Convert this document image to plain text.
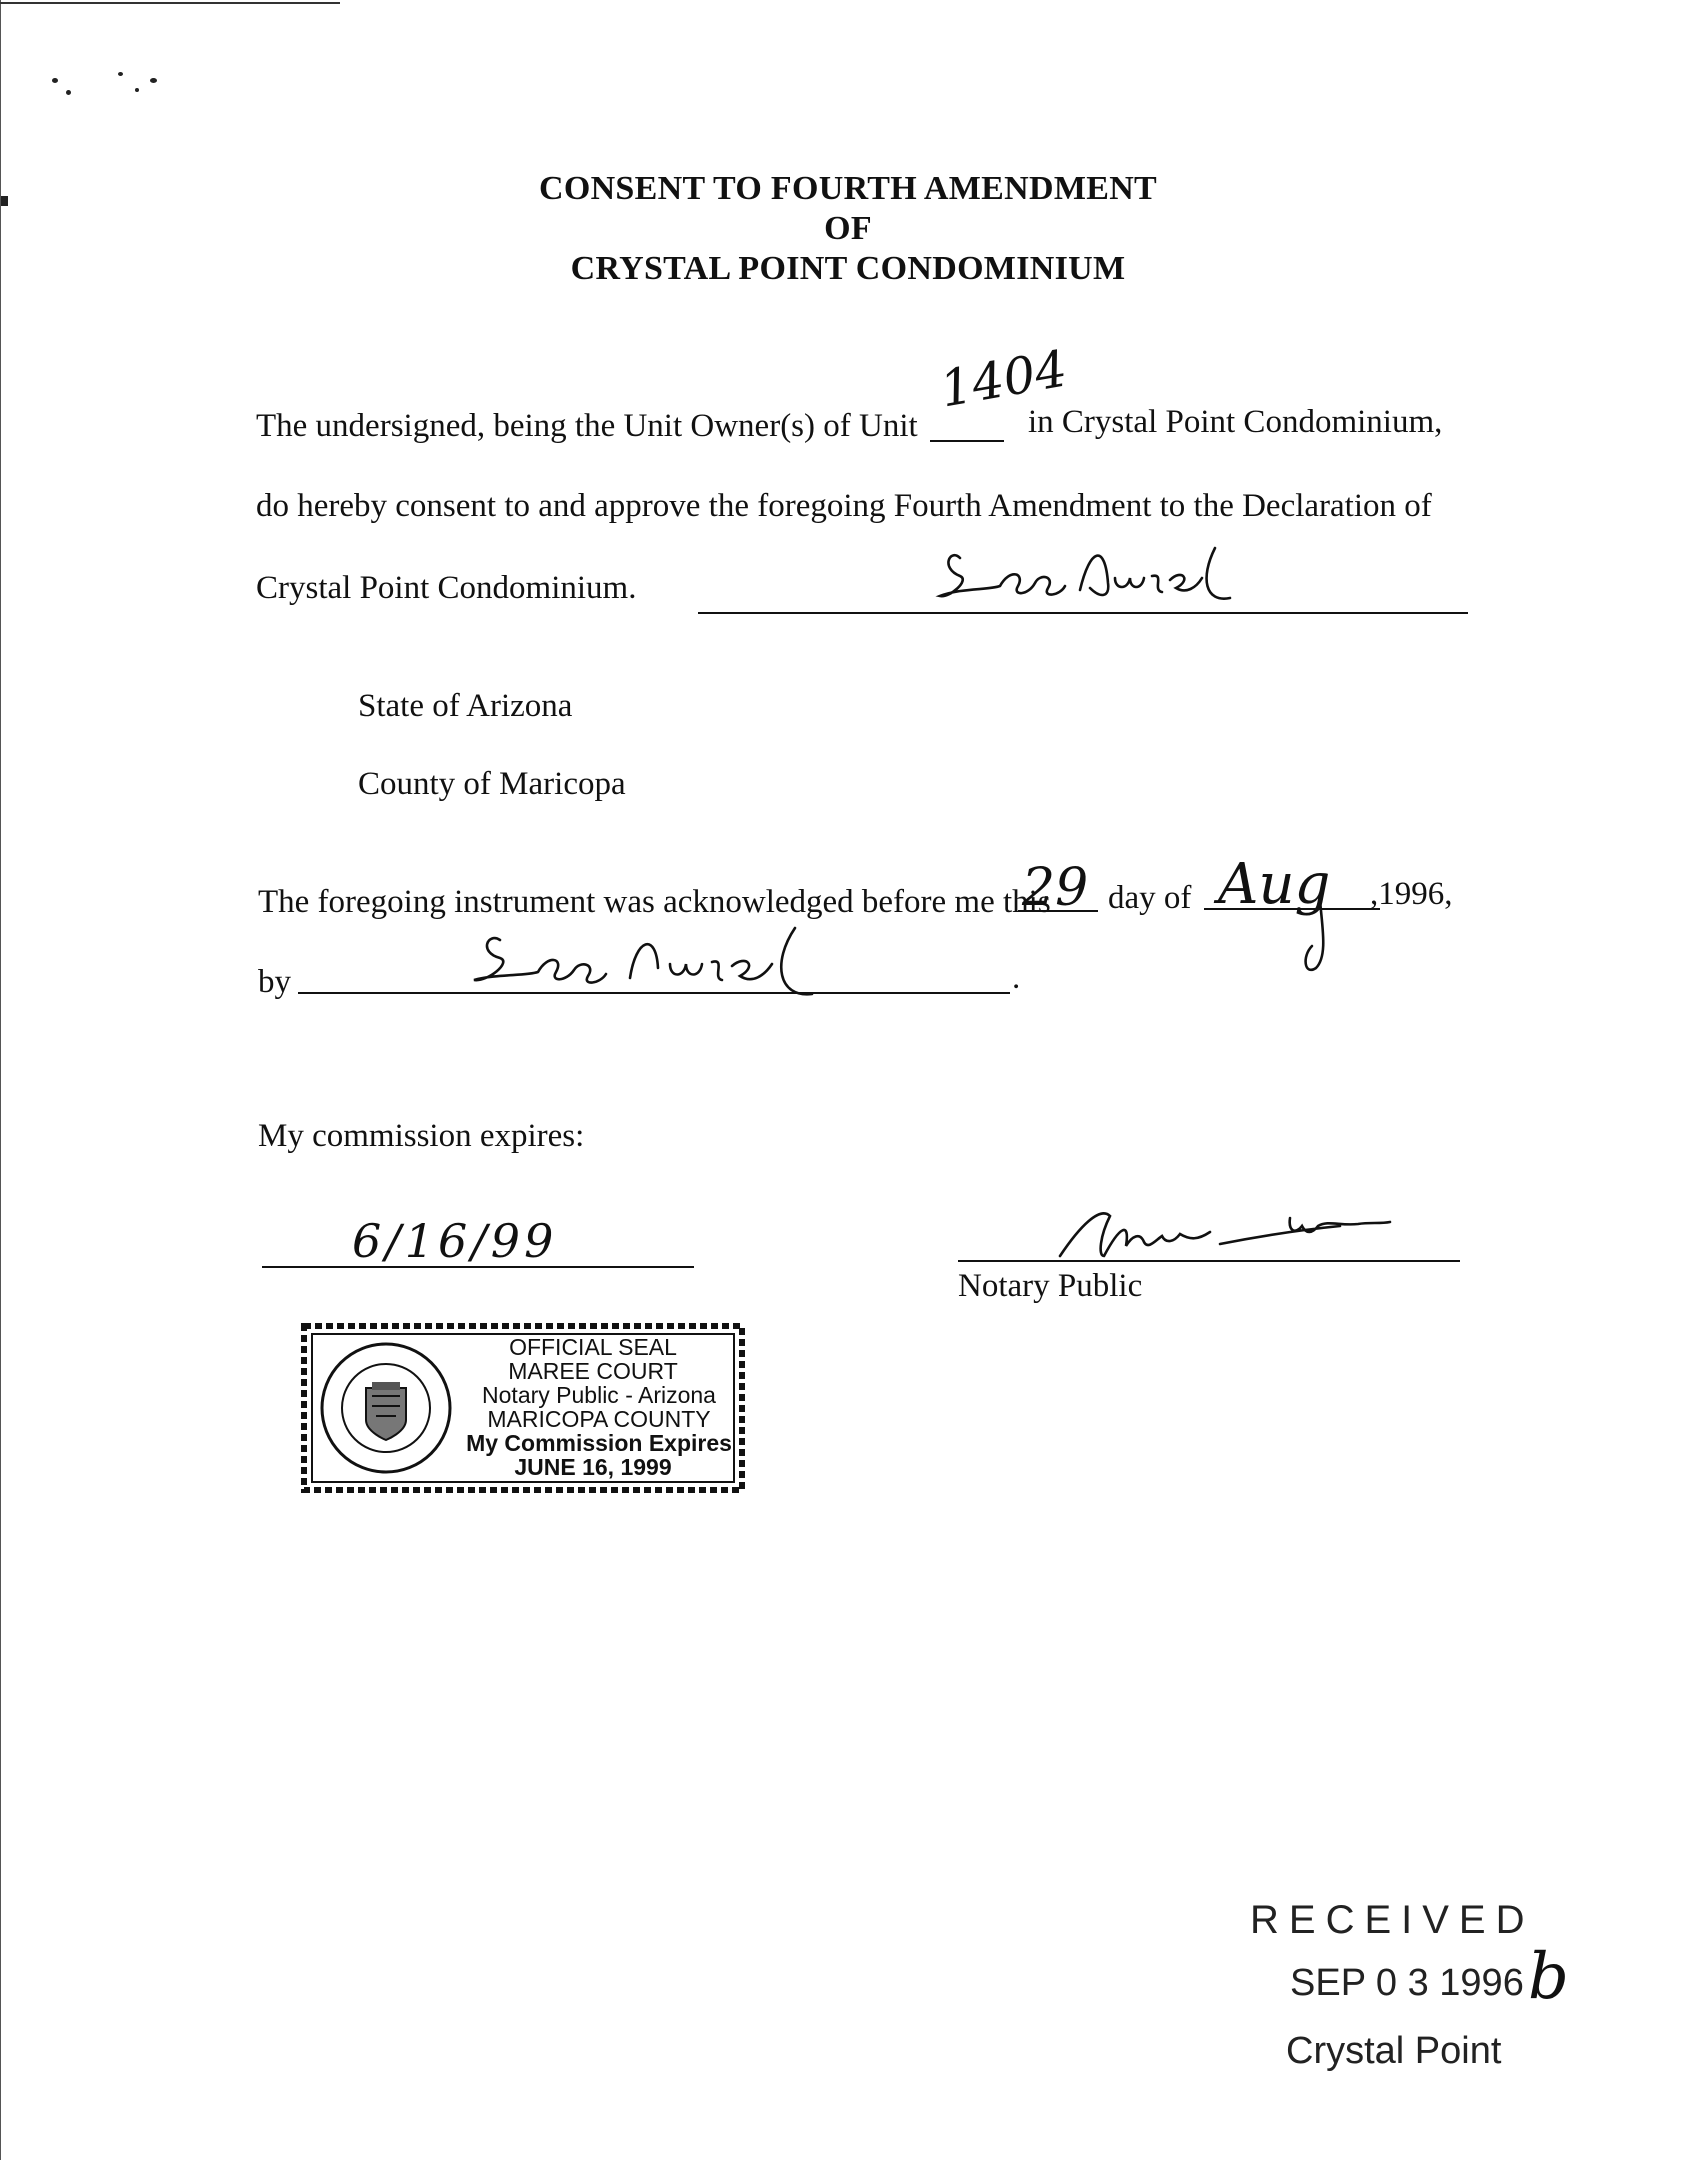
CONSENT TO FOURTH AMENDMENT
OF
CRYSTAL POINT CONDOMINIUM
The undersigned, being the Unit Owner(s) of Unit
1404
in Crystal Point Condominium,
do hereby consent to and approve the foregoing Fourth Amendment to the Declaration of
Crystal Point Condominium.
State of Arizona
County of Maricopa
The foregoing instrument was acknowledged before me this
29 day of Aug ,1996,
by	.
My commission expires:
6/16/99
Notary Public
OFFICIAL SEAL
MAREE COURT
Notary Public - Arizona
MARICOPA COUNTY
My Commission Expires
JUNE 16, 1999
RECEIVED
SEP 0 3 1996 b
Crystal Point
